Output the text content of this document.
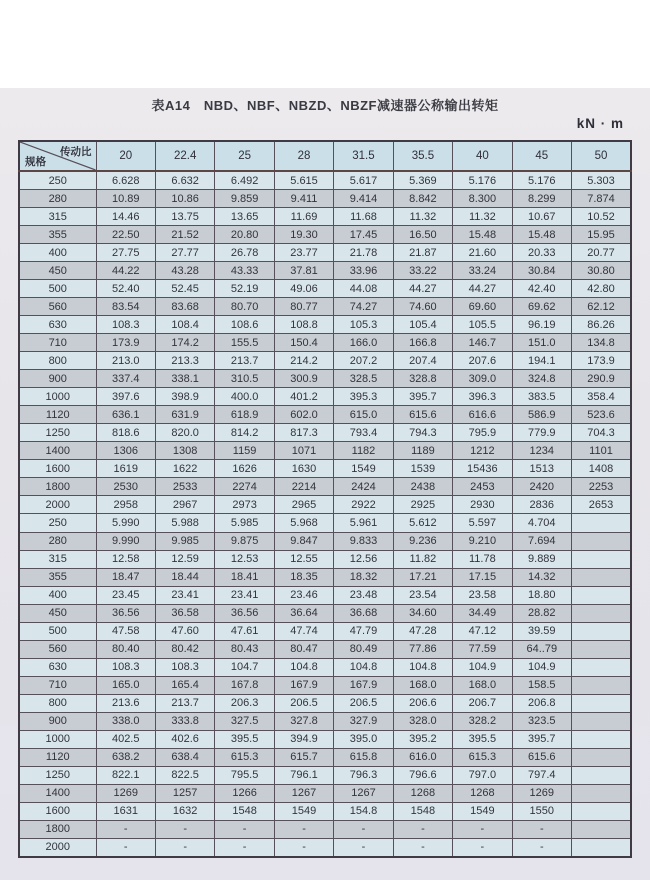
表A14　NBD、NBF、NBZD、NBZF减速器公称输出转矩
kN · m
传动比
规格	20	22.4	25	28	31.5	35.5	40	45	50
250	6.628	6.632	6.492	5.615	5.617	5.369	5.176	5.176	5.303
280	10.89	10.86	9.859	9.411	9.414	8.842	8.300	8.299	7.874
315	14.46	13.75	13.65	11.69	11.68	11.32	11.32	10.67	10.52
355	22.50	21.52	20.80	19.30	17.45	16.50	15.48	15.48	15.95
400	27.75	27.77	26.78	23.77	21.78	21.87	21.60	20.33	20.77
450	44.22	43.28	43.33	37.81	33.96	33.22	33.24	30.84	30.80
500	52.40	52.45	52.19	49.06	44.08	44.27	44.27	42.40	42.80
560	83.54	83.68	80.70	80.77	74.27	74.60	69.60	69.62	62.12
630	108.3	108.4	108.6	108.8	105.3	105.4	105.5	96.19	86.26
710	173.9	174.2	155.5	150.4	166.0	166.8	146.7	151.0	134.8
800	213.0	213.3	213.7	214.2	207.2	207.4	207.6	194.1	173.9
900	337.4	338.1	310.5	300.9	328.5	328.8	309.0	324.8	290.9
1000	397.6	398.9	400.0	401.2	395.3	395.7	396.3	383.5	358.4
1120	636.1	631.9	618.9	602.0	615.0	615.6	616.6	586.9	523.6
1250	818.6	820.0	814.2	817.3	793.4	794.3	795.9	779.9	704.3
1400	1306	1308	1159	1071	1182	1189	1212	1234	1101
1600	1619	1622	1626	1630	1549	1539	15436	1513	1408
1800	2530	2533	2274	2214	2424	2438	2453	2420	2253
2000	2958	2967	2973	2965	2922	2925	2930	2836	2653
250	5.990	5.988	5.985	5.968	5.961	5.612	5.597	4.704	
280	9.990	9.985	9.875	9.847	9.833	9.236	9.210	7.694	
315	12.58	12.59	12.53	12.55	12.56	11.82	11.78	9.889	
355	18.47	18.44	18.41	18.35	18.32	17.21	17.15	14.32	
400	23.45	23.41	23.41	23.46	23.48	23.54	23.58	18.80	
450	36.56	36.58	36.56	36.64	36.68	34.60	34.49	28.82	
500	47.58	47.60	47.61	47.74	47.79	47.28	47.12	39.59	
560	80.40	80.42	80.43	80.47	80.49	77.86	77.59	64..79	
630	108.3	108.3	104.7	104.8	104.8	104.8	104.9	104.9	
710	165.0	165.4	167.8	167.9	167.9	168.0	168.0	158.5	
800	213.6	213.7	206.3	206.5	206.5	206.6	206.7	206.8	
900	338.0	333.8	327.5	327.8	327.9	328.0	328.2	323.5	
1000	402.5	402.6	395.5	394.9	395.0	395.2	395.5	395.7	
1120	638.2	638.4	615.3	615.7	615.8	616.0	615.3	615.6	
1250	822.1	822.5	795.5	796.1	796.3	796.6	797.0	797.4	
1400	1269	1257	1266	1267	1267	1268	1268	1269	
1600	1631	1632	1548	1549	154.8	1548	1549	1550	
1800	-	-	-	-	-	-	-	-	
2000	-	-	-	-	-	-	-	-	
